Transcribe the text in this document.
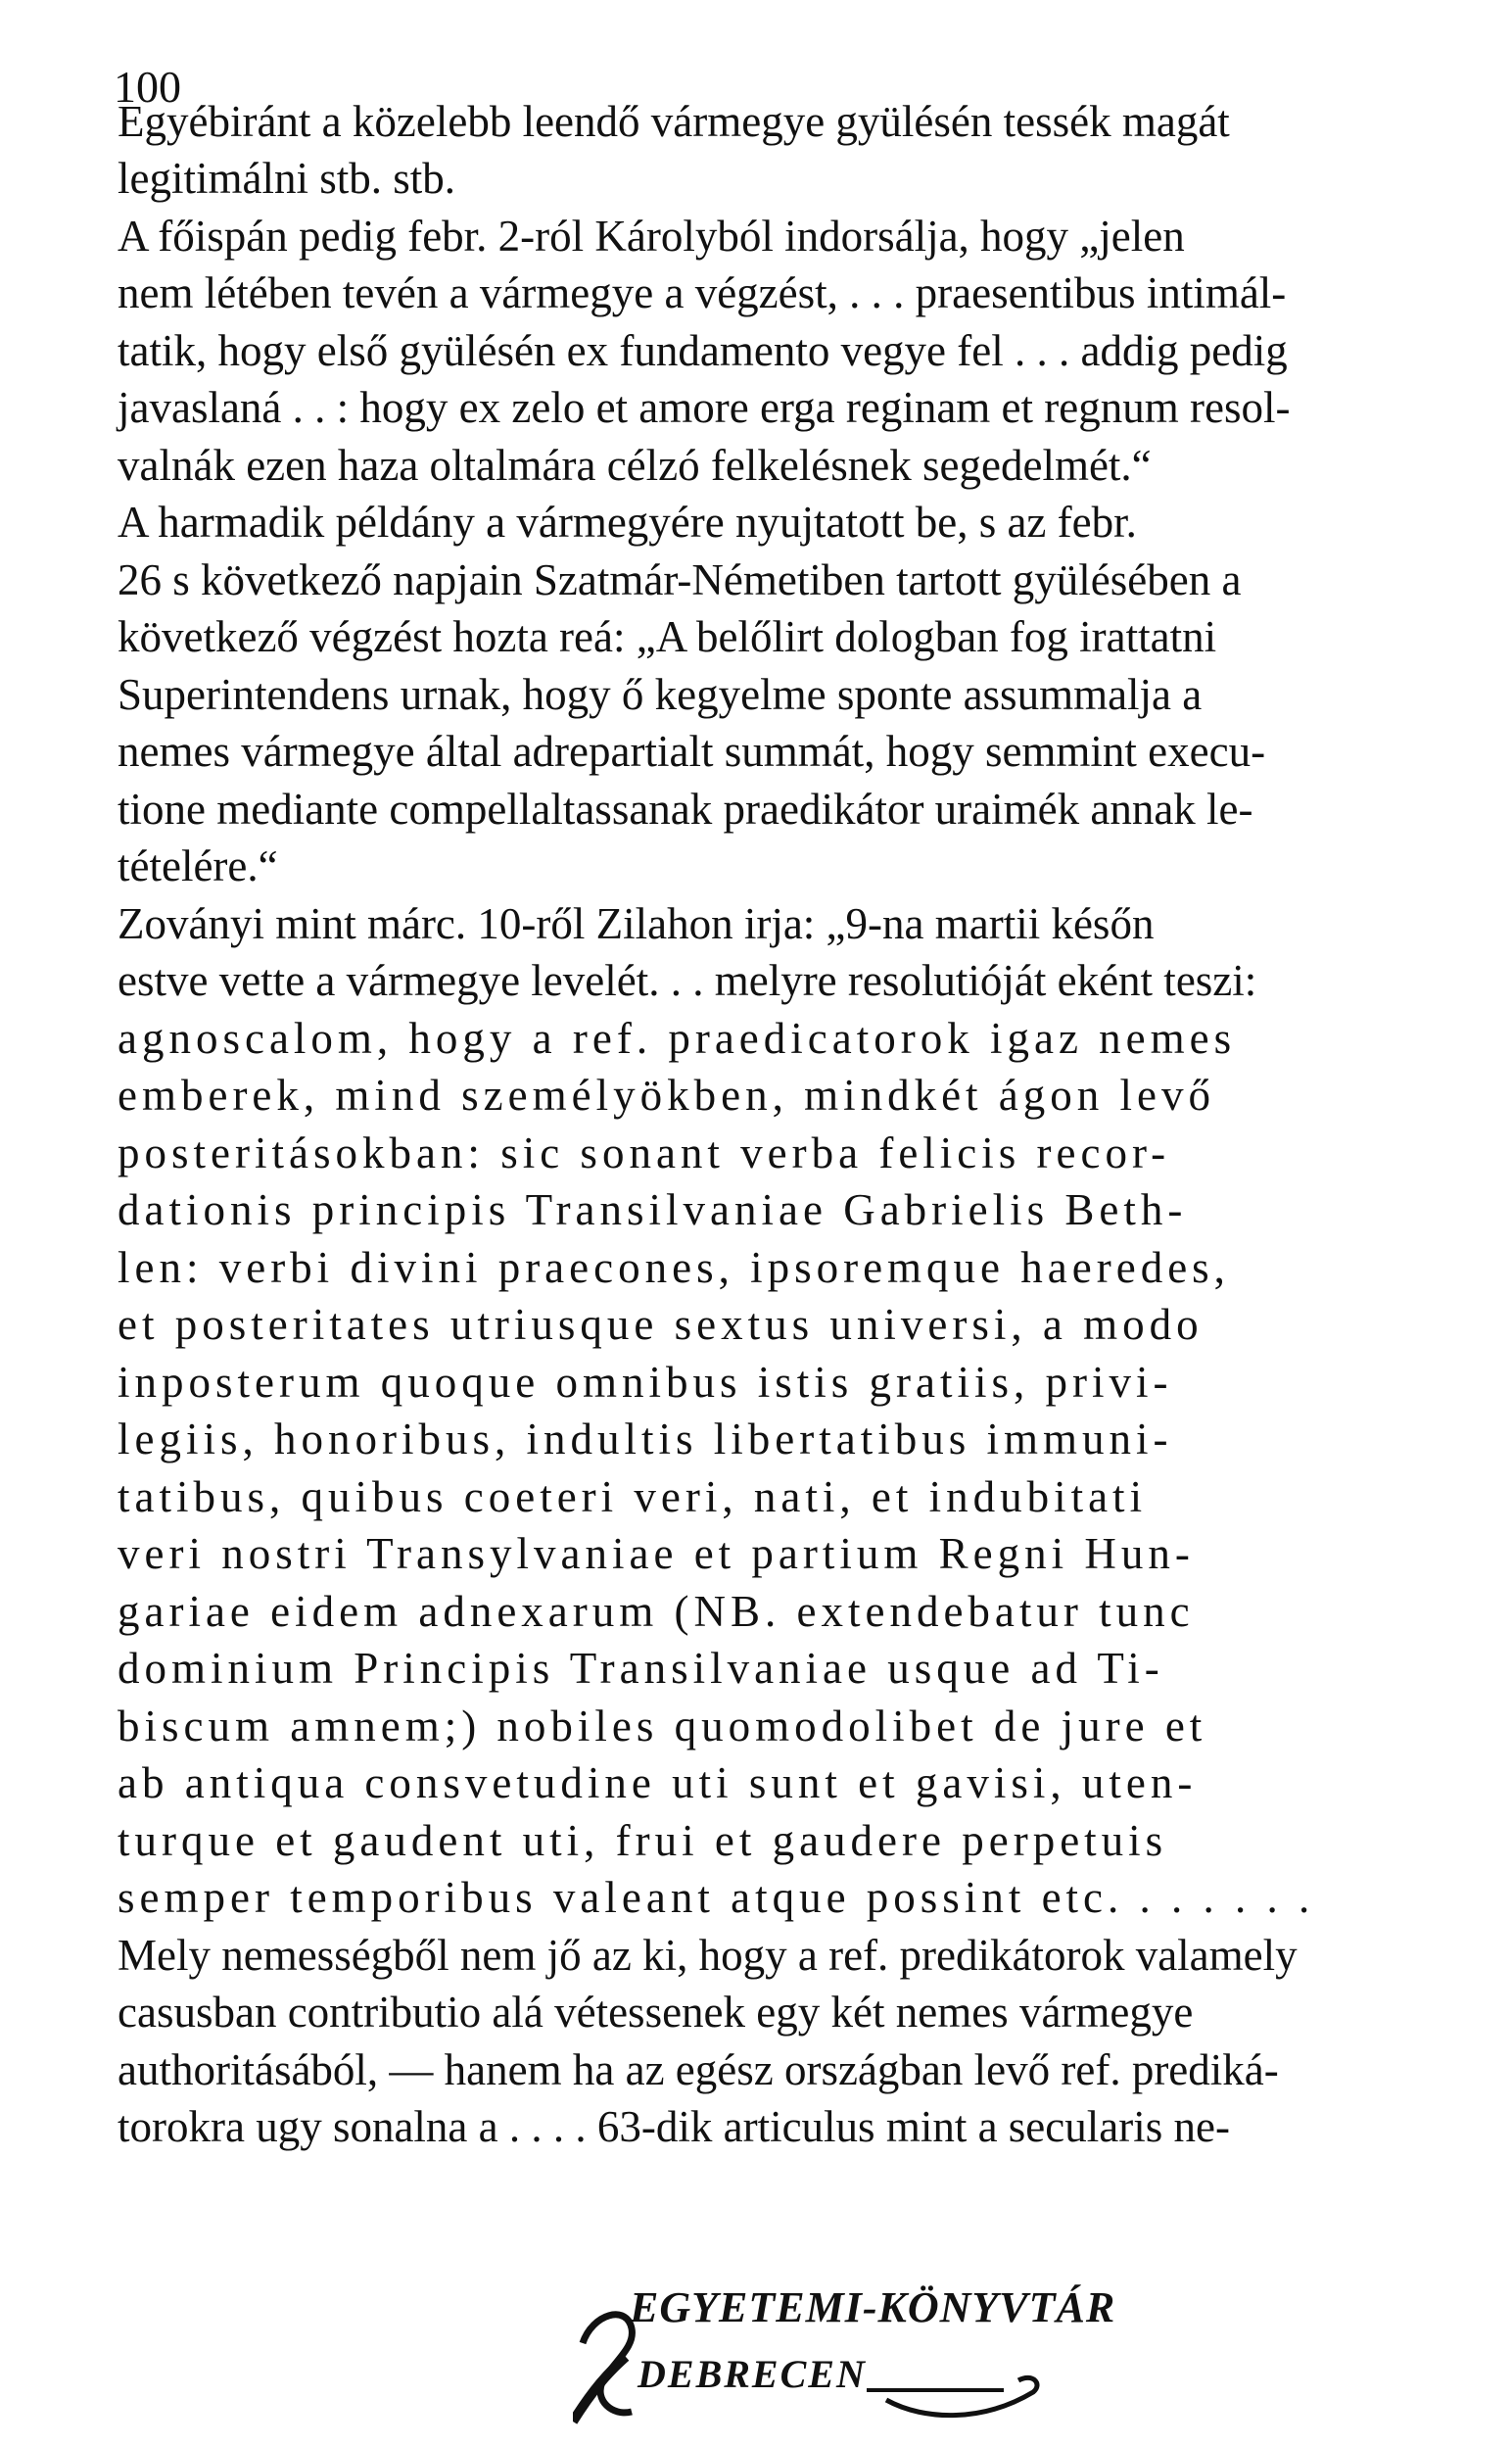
100
Egyébiránt a közelebb leendő vármegye gyülésén tessék magát
legitimálni stb. stb.
A főispán pedig febr. 2-ról Károlyból indorsálja, hogy „jelen
nem létében tevén a vármegye a végzést, . . . praesentibus intimál-
tatik, hogy első gyülésén ex fundamento vegye fel . . . addig pedig
javaslaná . . : hogy ex zelo et amore erga reginam et regnum resol-
valnák ezen haza oltalmára célzó felkelésnek segedelmét.“
A harmadik példány a vármegyére nyujtatott be, s az febr.
26 s következő napjain Szatmár-Németiben tartott gyülésében a
következő végzést hozta reá: „A belőlirt dologban fog irattatni
Superintendens urnak, hogy ő kegyelme sponte assummalja a
nemes vármegye által adrepartialt summát, hogy semmint execu-
tione mediante compellaltassanak praedikátor uraimék annak le-
tételére.“
Zoványi mint márc. 10-ről Zilahon irja: „9-na martii későn
estve vette a vármegye levelét. . . melyre resolutióját eként teszi:
agnoscalom, hogy a ref. praedicatorok igaz nemes
emberek, mind személyökben, mindkét ágon levő
posteritásokban: sic sonant verba felicis recor-
dationis principis Transilvaniae Gabrielis Beth-
len: verbi divini praecones, ipsoremque haeredes,
et posteritates utriusque sextus universi, a modo
inposterum quoque omnibus istis gratiis, privi-
legiis, honoribus, indultis libertatibus immuni-
tatibus, quibus coeteri veri, nati, et indubitati
veri nostri Transylvaniae et partium Regni Hun-
gariae eidem adnexarum (NB. extendebatur tunc
dominium Principis Transilvaniae usque ad Ti-
biscum amnem;) nobiles quomodolibet de jure et
ab antiqua consvetudine uti sunt et gavisi, uten-
turque et gaudent uti, frui et gaudere perpetuis
semper temporibus valeant atque possint etc. . . . . . .
Mely nemességből nem jő az ki, hogy a ref. predikátorok valamely
casusban contributio alá vétessenek egy két nemes vármegye
authoritásából, — hanem ha az egész országban levő ref. prediká-
torokra ugy sonalna a . . . . 63-dik articulus mint a secularis ne-
EGYETEMI-KÖNYVTÁR
DEBRECEN
